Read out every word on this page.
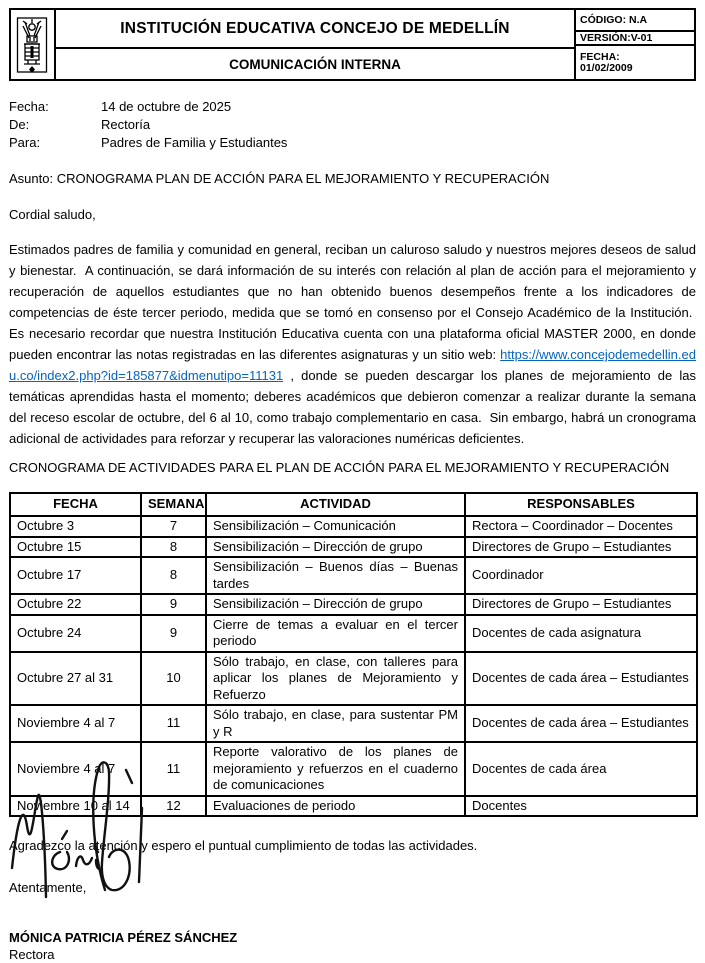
INSTITUCIÓN EDUCATIVA CONCEJO DE MEDELLÍN
COMUNICACIÓN INTERNA
CÓDIGO: N.A
VERSIÓN:V-01
FECHA:
01/02/2009
Fecha:	14 de octubre de 2025
De:	Rectoría
Para:	Padres de Familia y Estudiantes
Asunto: CRONOGRAMA PLAN DE ACCIÓN PARA EL MEJORAMIENTO Y RECUPERACIÓN
Cordial saludo,
Estimados padres de familia y comunidad en general, reciban un caluroso saludo y nuestros mejores deseos de salud y bienestar.  A continuación, se dará información de su interés con relación al plan de acción para el mejoramiento y recuperación de aquellos estudiantes que no han obtenido buenos desempeños frente a los indicadores de competencias de éste tercer periodo, medida que se tomó en consenso por el Consejo Académico de la Institución.  Es necesario recordar que nuestra Institución Educativa cuenta con una plataforma oficial MASTER 2000, en donde pueden encontrar las notas registradas en las diferentes asignaturas y un sitio web: https://www.concejodemedellin.edu.co/index2.php?id=185877&idmenutipo=11131 , donde se pueden descargar los planes de mejoramiento de las temáticas aprendidas hasta el momento; deberes académicos que debieron comenzar a realizar durante la semana del receso escolar de octubre, del 6 al 10, como trabajo complementario en casa.  Sin embargo, habrá un cronograma adicional de actividades para reforzar y recuperar las valoraciones numéricas deficientes.
CRONOGRAMA DE ACTIVIDADES PARA EL PLAN DE ACCIÓN PARA EL MEJORAMIENTO Y RECUPERACIÓN
FECHA	SEMANA	ACTIVIDAD	RESPONSABLES
Octubre 3	7	Sensibilización – Comunicación	Rectora – Coordinador – Docentes
Octubre 15	8	Sensibilización – Dirección de grupo	Directores de Grupo – Estudiantes
Octubre 17	8	Sensibilización – Buenos días – Buenas tardes	Coordinador
Octubre 22	9	Sensibilización – Dirección de grupo	Directores de Grupo – Estudiantes
Octubre 24	9	Cierre de temas a evaluar en el tercer periodo	Docentes de cada asignatura
Octubre 27 al 31	10	Sólo trabajo, en clase, con talleres para aplicar los planes de Mejoramiento y Refuerzo	Docentes de cada área – Estudiantes
Noviembre 4 al 7	11	Sólo trabajo, en clase, para sustentar PM y R	Docentes de cada área – Estudiantes
Noviembre 4 al 7	11	Reporte valorativo de los planes de mejoramiento y refuerzos en el cuaderno de comunicaciones	Docentes de cada área
Noviembre 10 al 14	12	Evaluaciones de periodo	Docentes
Agradezco la atención y espero el puntual cumplimiento de todas las actividades.
Atentamente,
MÓNICA PATRICIA PÉREZ SÁNCHEZ
Rectora
